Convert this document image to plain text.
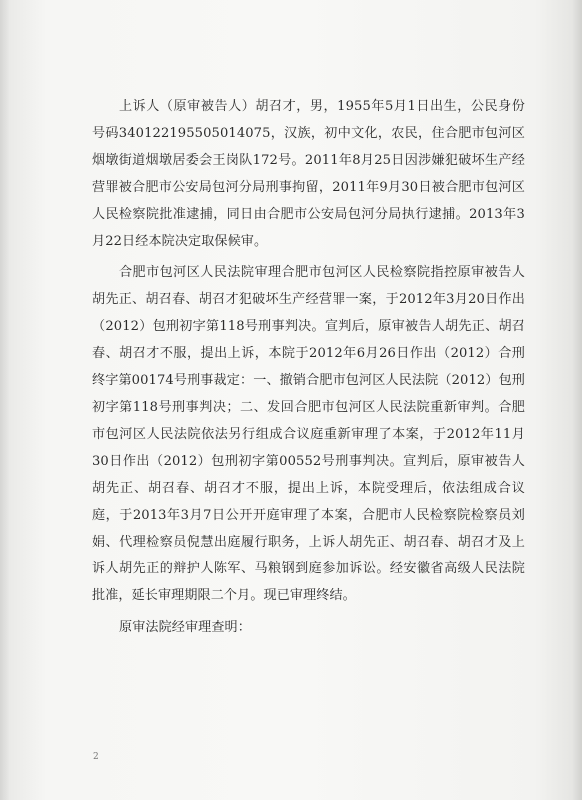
上诉人（原审被告人）胡召才，男，1955年5月1日出生，公民身份号码340122195505014075，汉族，初中文化，农民，住合肥市包河区烟墩街道烟墩居委会王岗队172号。2011年8月25日因涉嫌犯破坏生产经营罪被合肥市公安局包河分局刑事拘留，2011年9月30日被合肥市包河区人民检察院批准逮捕，同日由合肥市公安局包河分局执行逮捕。2013年3月22日经本院决定取保候审。

合肥市包河区人民法院审理合肥市包河区人民检察院指控原审被告人胡先正、胡召春、胡召才犯破坏生产经营罪一案，于2012年3月20日作出（2012）包刑初字第118号刑事判决。宣判后，原审被告人胡先正、胡召春、胡召才不服，提出上诉，本院于2012年6月26日作出（2012）合刑终字第00174号刑事裁定：一、撤销合肥市包河区人民法院（2012）包刑初字第118号刑事判决；二、发回合肥市包河区人民法院重新审判。合肥市包河区人民法院依法另行组成合议庭重新审理了本案，于2012年11月30日作出（2012）包刑初字第00552号刑事判决。宣判后，原审被告人胡先正、胡召春、胡召才不服，提出上诉，本院受理后，依法组成合议庭，于2013年3月7日公开开庭审理了本案，合肥市人民检察院检察员刘娟、代理检察员倪慧出庭履行职务，上诉人胡先正、胡召春、胡召才及上诉人胡先正的辩护人陈军、马粮钢到庭参加诉讼。经安徽省高级人民法院批准，延长审理期限二个月。现已审理终结。

原审法院经审理查明：

2
